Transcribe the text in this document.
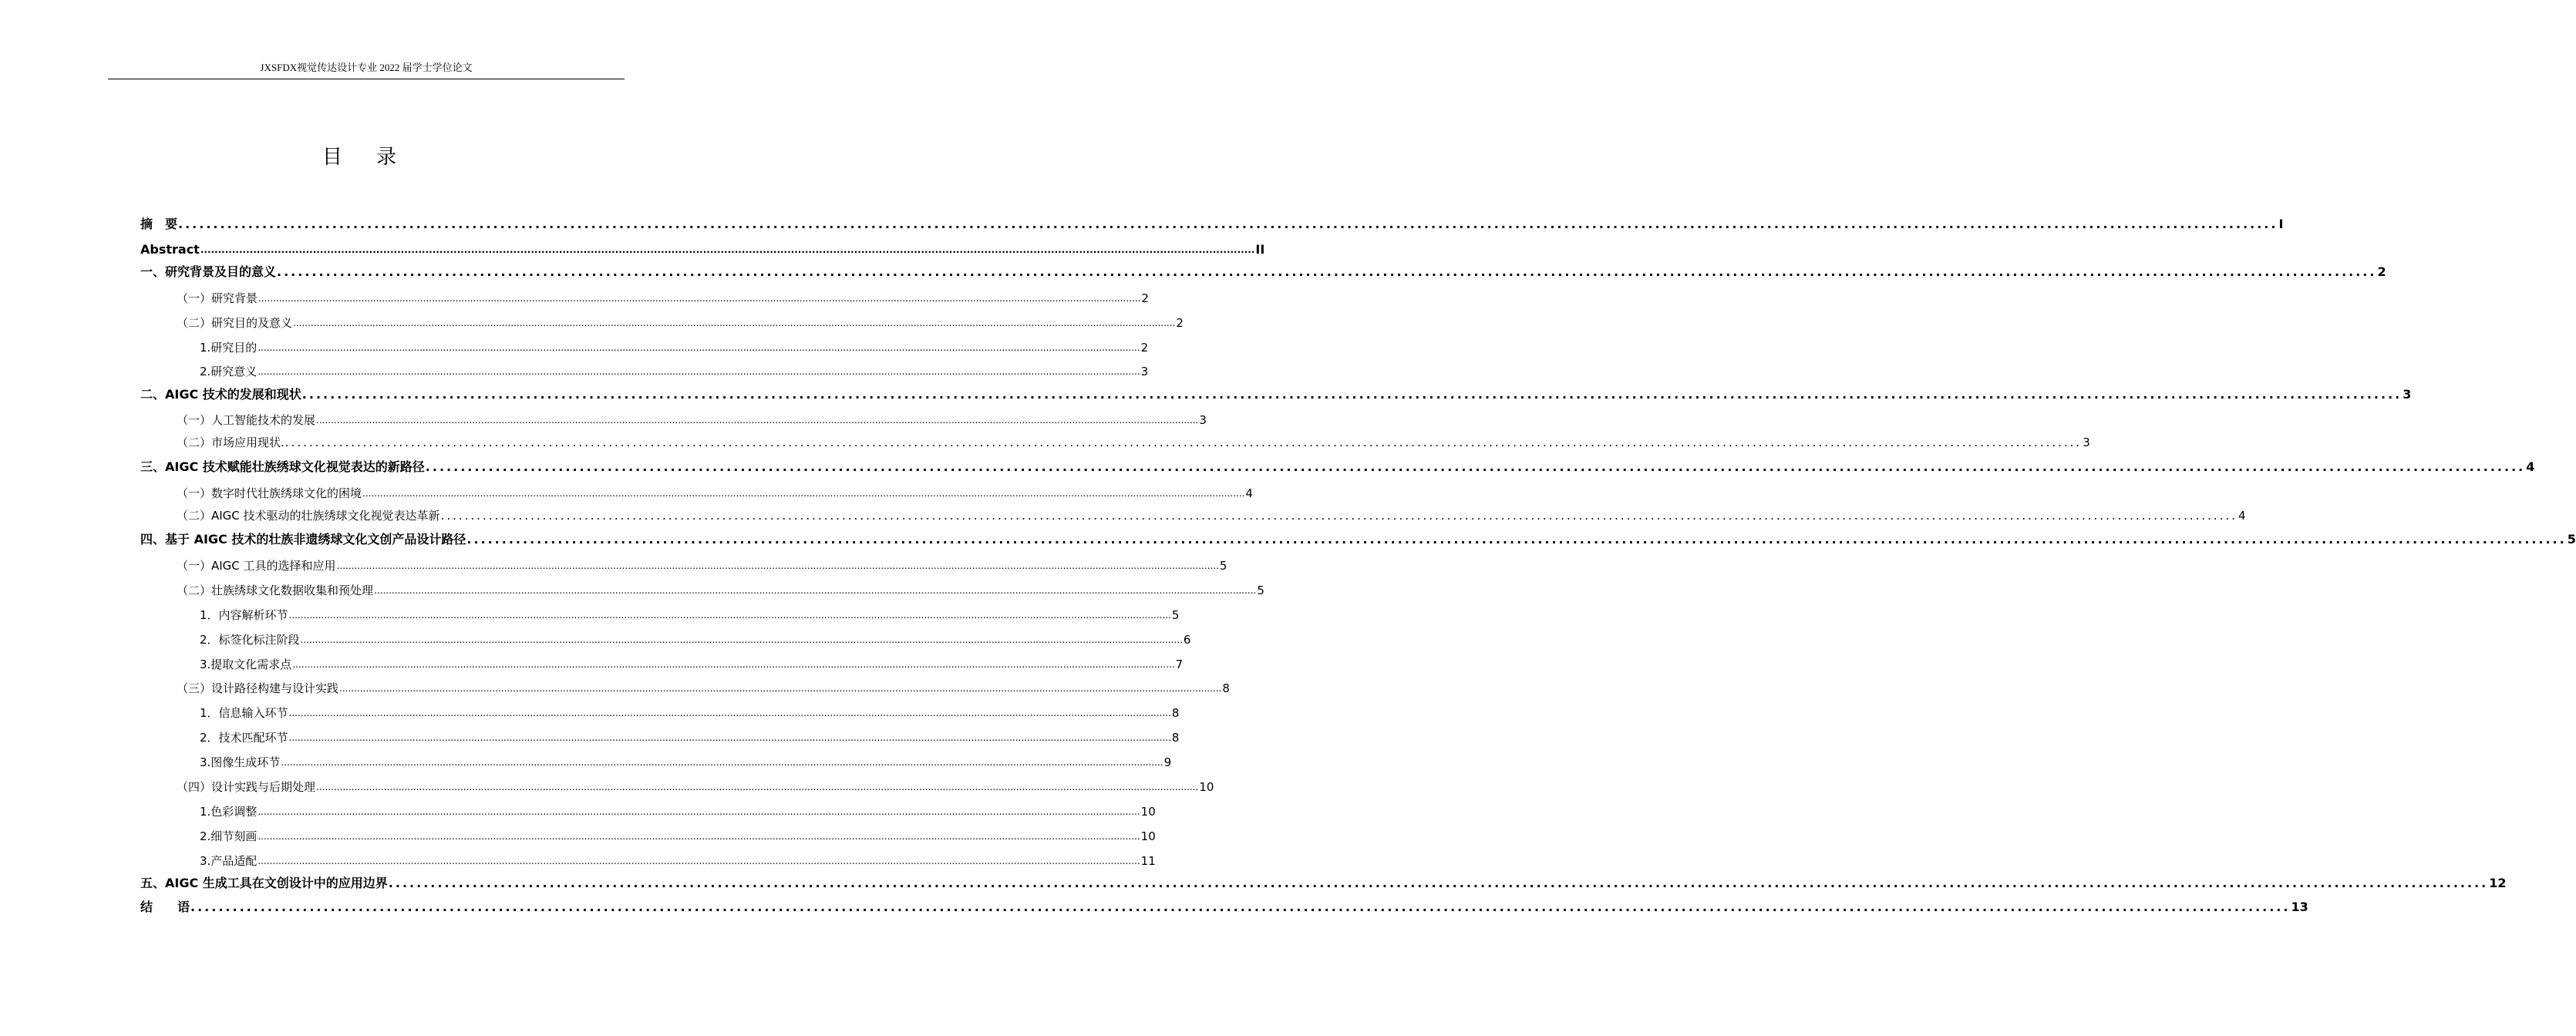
JXSFDX视觉传达设计专业 2022 届学士学位论文
目 录
摘　要 ............................................................................................................................................................................................................................................................................................................ I
Abstract ............................................................................................................................................................................................................................................................................................................ II
一、研究背景及目的意义 ............................................................................................................................................................................................................................................................................................................ 2
（一）研究背景 ............................................................................................................................................................................................................................................................................................................ 2
（二）研究目的及意义 ............................................................................................................................................................................................................................................................................................................ 2
1.研究目的 ............................................................................................................................................................................................................................................................................................................ 2
2.研究意义 ............................................................................................................................................................................................................................................................................................................ 3
二、AIGC 技术的发展和现状 ............................................................................................................................................................................................................................................................................................................ 3
（一）人工智能技术的发展 ............................................................................................................................................................................................................................................................................................................ 3
（二）市场应用现状. ............................................................................................................................................................................................................................................................................................................ 3
三、AIGC 技术赋能壮族绣球文化视觉表达的新路径 ............................................................................................................................................................................................................................................................................................................ 4
（一）数字时代壮族绣球文化的困境 ............................................................................................................................................................................................................................................................................................................ 4
（二）AIGC 技术驱动的壮族绣球文化视觉表达革新 ............................................................................................................................................................................................................................................................................................................ 4
四、基于 AIGC 技术的壮族非遗绣球文化文创产品设计路径 ............................................................................................................................................................................................................................................................................................................ 5
（一）AIGC 工具的选择和应用 ............................................................................................................................................................................................................................................................................................................ 5
（二）壮族绣球文化数据收集和预处理 ............................................................................................................................................................................................................................................................................................................ 5
1．内容解析环节 ............................................................................................................................................................................................................................................................................................................ 5
2．标签化标注阶段 ............................................................................................................................................................................................................................................................................................................ 6
3.提取文化需求点 ............................................................................................................................................................................................................................................................................................................ 7
（三）设计路径构建与设计实践 ............................................................................................................................................................................................................................................................................................................ 8
1．信息输入环节 ............................................................................................................................................................................................................................................................................................................ 8
2．技术匹配环节 ............................................................................................................................................................................................................................................................................................................ 8
3.图像生成环节 ............................................................................................................................................................................................................................................................................................................ 9
（四）设计实践与后期处理 ............................................................................................................................................................................................................................................................................................................ 10
1.色彩调整 ............................................................................................................................................................................................................................................................................................................ 10
2.细节刻画 ............................................................................................................................................................................................................................................................................................................ 10
3.产品适配 ............................................................................................................................................................................................................................................................................................................ 11
五、AIGC 生成工具在文创设计中的应用边界 ............................................................................................................................................................................................................................................................................................................ 12
结　　语 ............................................................................................................................................................................................................................................................................................................ 13
